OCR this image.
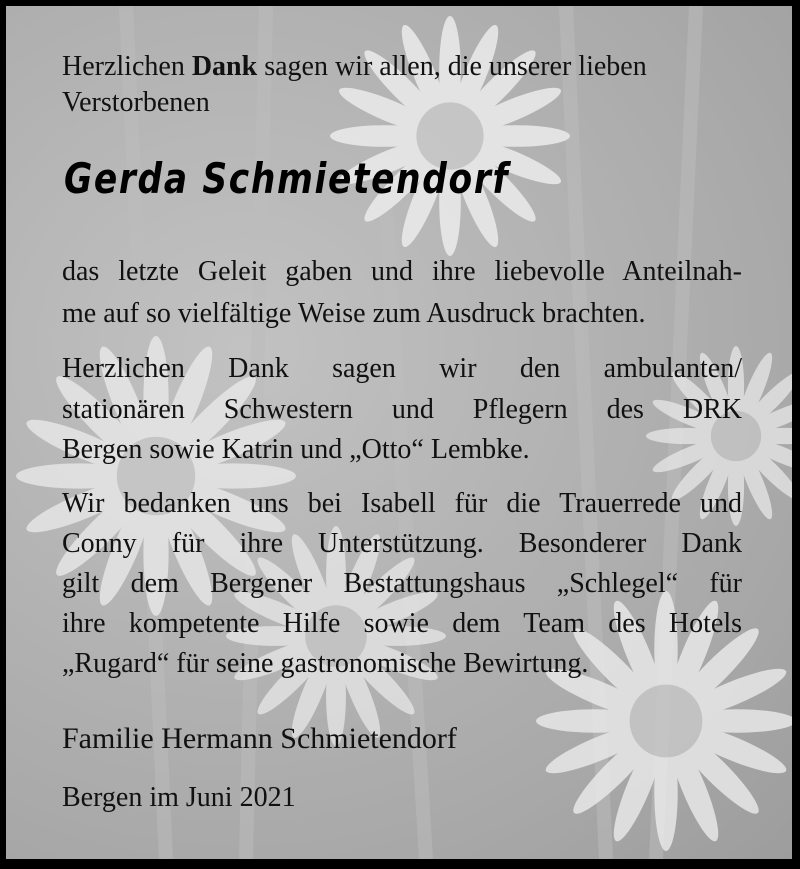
Herzlichen Dank sagen wir allen, die unserer lieben
Verstorbenen
Gerda Schmietendorf
das letzte Geleit gaben und ihre liebevolle Anteilnah-
me auf so vielfältige Weise zum Ausdruck brachten.
Herzlichen Dank sagen wir den ambulanten/
stationären Schwestern und Pflegern des DRK
Bergen sowie Katrin und „Otto“ Lembke.
Wir bedanken uns bei Isabell für die Trauerrede und
Conny für ihre Unterstützung. Besonderer Dank
gilt dem Bergener Bestattungshaus „Schlegel“ für
ihre kompetente Hilfe sowie dem Team des Hotels
„Rugard“ für seine gastronomische Bewirtung.
Familie Hermann Schmietendorf
Bergen im Juni 2021
